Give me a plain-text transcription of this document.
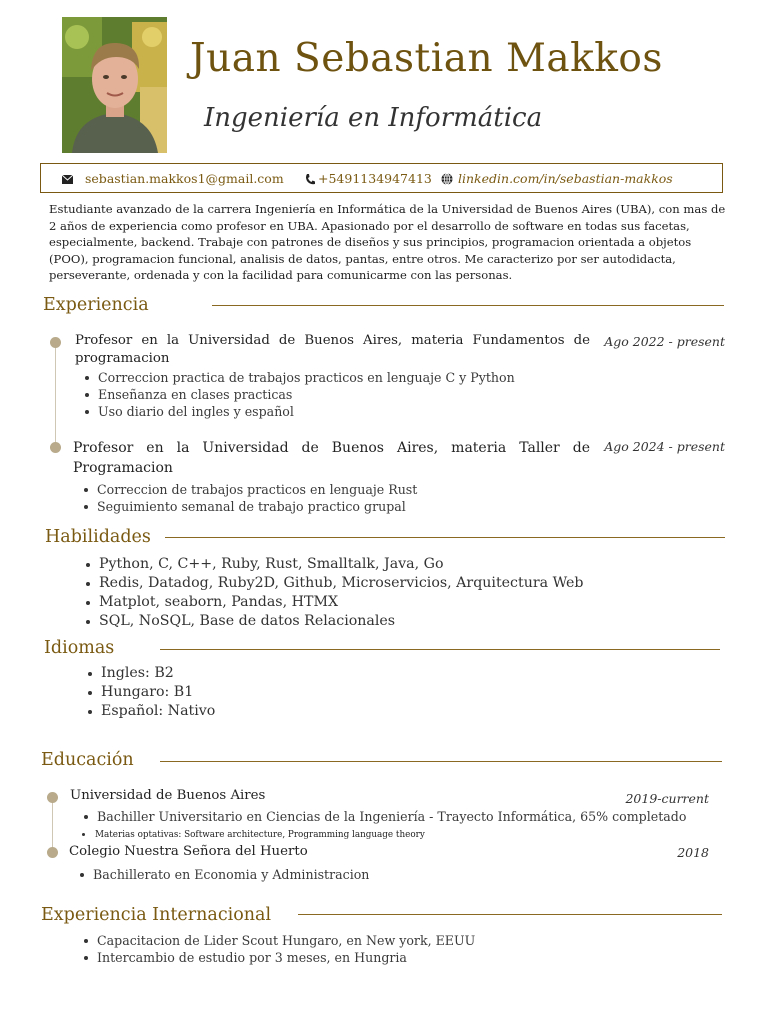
Juan Sebastian Makkos
Ingeniería en Informática
sebastian.makkos1@gmail.com	+5491134947413 linkedin.com/in/sebastian-makkos
Estudiante avanzado de la carrera Ingeniería en Informática de la Universidad de Buenos Aires (UBA), con mas de 2 años de experiencia como profesor en UBA. Apasionado por el desarrollo de software en todas sus facetas, especialmente, backend. Trabaje con patrones de diseños y sus principios, programacion orientada a objetos (POO), programacion funcional, analisis de datos, pantas, entre otros. Me caracterizo por ser autodidacta, perseverante, ordenada y con la facilidad para comunicarme con las personas.
Experiencia
Profesor en la Universidad de Buenos Aires, materia Fundamentos de programacion
Ago 2022 - present
Correccion practica de trabajos practicos en lenguaje C y Python
Enseñanza en clases practicas
Uso diario del ingles y español
Profesor en la Universidad de Buenos Aires, materia Taller de Programacion
Ago 2024 - present
Correccion de trabajos practicos en lenguaje Rust
Seguimiento semanal de trabajo practico grupal
Habilidades
Python, C, C++, Ruby, Rust, Smalltalk, Java, Go
Redis, Datadog, Ruby2D, Github, Microservicios, Arquitectura Web
Matplot, seaborn, Pandas, HTMX
SQL, NoSQL, Base de datos Relacionales
Idiomas
Ingles: B2
Hungaro: B1
Español: Nativo
Educación
Universidad de Buenos Aires	2019-current
Bachiller Universitario en Ciencias de la Ingeniería - Trayecto Informática, 65% completado
Materias optativas: Software architecture, Programming language theory
Colegio Nuestra Señora del Huerto	2018
Bachillerato en Economia y Administracion
Experiencia Internacional
Capacitacion de Lider Scout Hungaro, en New york, EEUU
Intercambio de estudio por 3 meses, en Hungria
